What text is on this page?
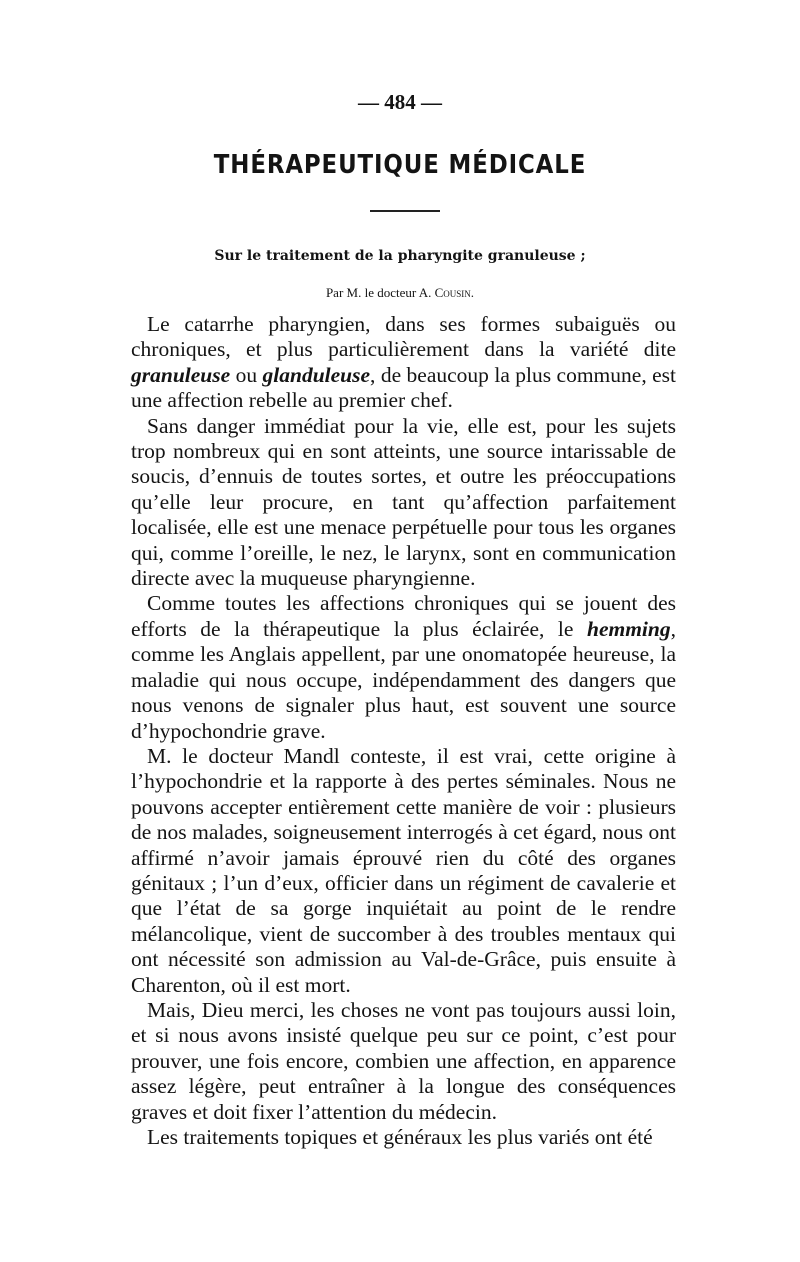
— 484 —
THÉRAPEUTIQUE MÉDICALE
Sur le traitement de la pharyngite granuleuse ;
Par M. le docteur A. Cousin.

Le catarrhe pharyngien, dans ses formes subaiguës ou chroniques, et plus particulièrement dans la variété dite granuleuse ou glanduleuse, de beaucoup la plus commune, est une affection rebelle au premier chef.

Sans danger immédiat pour la vie, elle est, pour les sujets trop nombreux qui en sont atteints, une source intarissable de soucis, d’ennuis de toutes sortes, et outre les préoccupations qu’elle leur procure, en tant qu’affection parfaitement localisée, elle est une menace perpétuelle pour tous les organes qui, comme l’oreille, le nez, le larynx, sont en communication directe avec la muqueuse pharyngienne.

Comme toutes les affections chroniques qui se jouent des efforts de la thérapeutique la plus éclairée, le hemming, comme les Anglais appellent, par une onomatopée heureuse, la maladie qui nous occupe, indépendamment des dangers que nous venons de signaler plus haut, est souvent une source d’hypochondrie grave.

M. le docteur Mandl conteste, il est vrai, cette origine à l’hypochondrie et la rapporte à des pertes séminales. Nous ne pouvons accepter entièrement cette manière de voir : plusieurs de nos malades, soigneusement interrogés à cet égard, nous ont affirmé n’avoir jamais éprouvé rien du côté des organes génitaux ; l’un d’eux, officier dans un régiment de cavalerie et que l’état de sa gorge inquiétait au point de le rendre mélancolique, vient de succomber à des troubles mentaux qui ont nécessité son admission au Val-de-Grâce, puis ensuite à Charenton, où il est mort.

Mais, Dieu merci, les choses ne vont pas toujours aussi loin, et si nous avons insisté quelque peu sur ce point, c’est pour prouver, une fois encore, combien une affection, en apparence assez légère, peut entraîner à la longue des conséquences graves et doit fixer l’attention du médecin.

Les traitements topiques et généraux les plus variés ont été
